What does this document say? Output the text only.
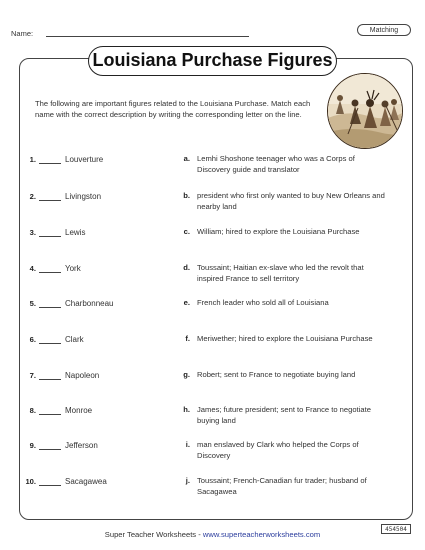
Name:	Matching
Louisiana Purchase Figures
The following are important figures related to the Louisiana Purchase. Match each name with the correct description by writing the corresponding letter on the line.
1.	Louverture
2.	Livingston
3.	Lewis
4.	York
5.	Charbonneau
6.	Clark
7.	Napoleon
8.	Monroe
9.	Jefferson
10.	Sacagawea
a. Lemhi Shoshone teenager who was a Corps of Discovery guide and translator
b. president who first only wanted to buy New Orleans and nearby land
c. William; hired to explore the Louisiana Purchase
d. Toussaint; Haitian ex-slave who led the revolt that inspired France to sell territory
e. French leader who sold all of Louisiana
f. Meriwether; hired to explore the Louisiana Purchase
g. Robert; sent to France to negotiate buying land
h. James; future president; sent to France to negotiate buying land
i. man enslaved by Clark who helped the Corps of Discovery
j. Toussaint; French-Canadian fur trader; husband of Sacagawea
Super Teacher Worksheets - www.superteacherworksheets.com
454504
